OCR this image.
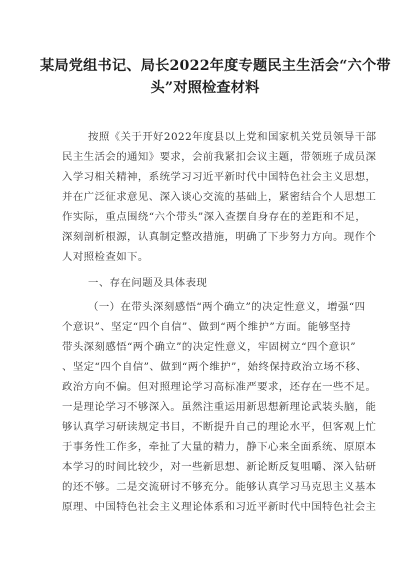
某局党组书记、局长2022年度专题民主生活会“六个带
头”对照检查材料
按照《关于开好2022年度县以上党和国家机关党员领导干部
民主生活会的通知》要求，会前我紧扣会议主题，带领班子成员深
入学习相关精神，系统学习习近平新时代中国特色社会主义思想，
并在广泛征求意见、深入谈心交流的基础上，紧密结合个人思想工
作实际，重点围绕“六个带头”深入查摆自身存在的差距和不足，
深刻剖析根源，认真制定整改措施，明确了下步努力方向。现作个
人对照检查如下。
一、存在问题及具体表现
（一）在带头深刻感悟“两个确立”的决定性意义，增强“四
个意识”、坚定“四个自信”、做到“两个维护”方面。能够坚持
带头深刻感悟“两个确立”的决定性意义，牢固树立“四个意识”
、坚定“四个自信”、做到“两个维护”，始终保持政治立场不移、
政治方向不偏。但对照理论学习高标准严要求，还存在一些不足。
一是理论学习不够深入。虽然注重运用新思想新理论武装头脑，能
够认真学习研读规定书目，不断提升自己的理论水平，但客观上忙
于事务性工作多，牵扯了大量的精力，静下心来全面系统、原原本
本学习的时间比较少，对一些新思想、新论断反复咀嚼、深入钻研
的还不够。二是交流研讨不够充分。能够认真学习马克思主义基本
原理、中国特色社会主义理论体系和习近平新时代中国特色社会主
